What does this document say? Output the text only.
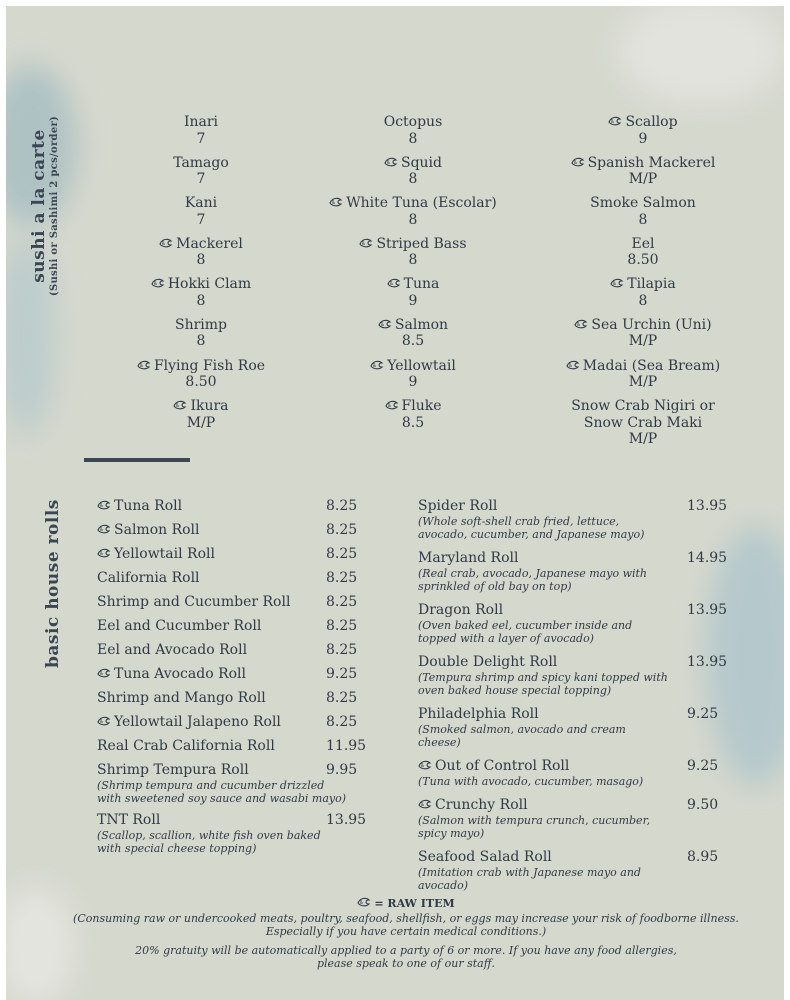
sushi a la carte (Sushi or Sashimi 2 pcs/order)
basic house rolls
Inari
7
Tamago
7
Kani
7
Mackerel
8
Hokki Clam
8
Shrimp
8
Flying Fish Roe
8.50
Ikura
M/P
Octopus
8
Squid
8
White Tuna (Escolar)
8
Striped Bass
8
Tuna
9
Salmon
8.5
Yellowtail
9
Fluke
8.5
Scallop
9
Spanish Mackerel
M/P
Smoke Salmon
8
Eel
8.50
Tilapia
8
Sea Urchin (Uni)
M/P
Madai (Sea Bream)
M/P
Snow Crab Nigiri or
Snow Crab Maki
M/P
Tuna Roll	8.25
Salmon Roll	8.25
Yellowtail Roll	8.25
California Roll	8.25
Shrimp and Cucumber Roll	8.25
Eel and Cucumber Roll	8.25
Eel and Avocado Roll	8.25
Tuna Avocado Roll	9.25
Shrimp and Mango Roll	8.25
Yellowtail Jalapeno Roll	8.25
Real Crab California Roll	11.95
Shrimp Tempura Roll	9.95
(Shrimp tempura and cucumber drizzled with sweetened soy sauce and wasabi mayo)
TNT Roll	13.95
(Scallop, scallion, white fish oven baked with special cheese topping)
Spider Roll	13.95
(Whole soft-shell crab fried, lettuce, avocado, cucumber, and Japanese mayo)
Maryland Roll	14.95
(Real crab, avocado, Japanese mayo with sprinkled of old bay on top)
Dragon Roll	13.95
(Oven baked eel, cucumber inside and topped with a layer of avocado)
Double Delight Roll	13.95
(Tempura shrimp and spicy kani topped with oven baked house special topping)
Philadelphia Roll	9.25
(Smoked salmon, avocado and cream cheese)
Out of Control Roll	9.25
(Tuna with avocado, cucumber, masago)
Crunchy Roll	9.50
(Salmon with tempura crunch, cucumber, spicy mayo)
Seafood Salad Roll	8.95
(Imitation crab with Japanese mayo and avocado)
= RAW ITEM

(Consuming raw or undercooked meats, poultry, seafood, shellfish, or eggs may increase your risk of foodborne illness. Especially if you have certain medical conditions.)

20% gratuity will be automatically applied to a party of 6 or more. If you have any food allergies, please speak to one of our staff.
